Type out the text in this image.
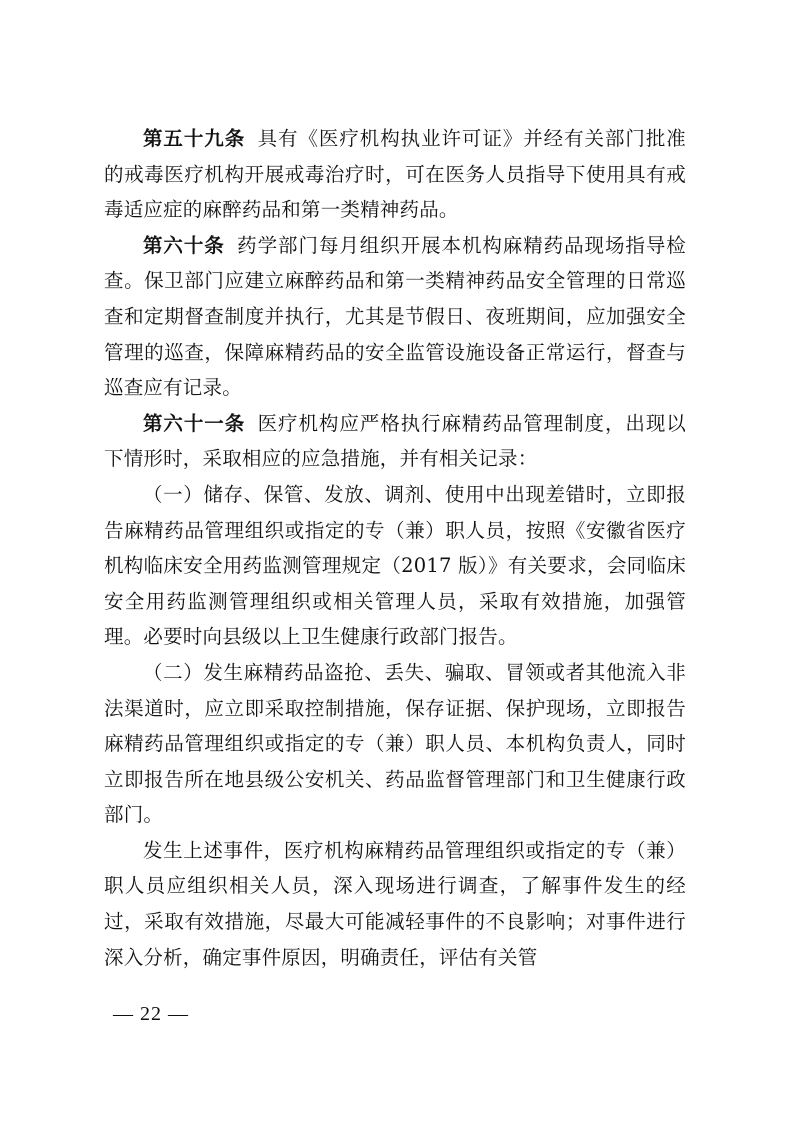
第五十九条 具有《医疗机构执业许可证》并经有关部门批准的戒毒医疗机构开展戒毒治疗时，可在医务人员指导下使用具有戒毒适应症的麻醉药品和第一类精神药品。

第六十条 药学部门每月组织开展本机构麻精药品现场指导检查。保卫部门应建立麻醉药品和第一类精神药品安全管理的日常巡查和定期督查制度并执行，尤其是节假日、夜班期间，应加强安全管理的巡查，保障麻精药品的安全监管设施设备正常运行，督查与巡查应有记录。

第六十一条 医疗机构应严格执行麻精药品管理制度，出现以下情形时，采取相应的应急措施，并有相关记录：

（一）储存、保管、发放、调剂、使用中出现差错时，立即报告麻精药品管理组织或指定的专（兼）职人员，按照《安徽省医疗机构临床安全用药监测管理规定（2017 版）》有关要求，会同临床安全用药监测管理组织或相关管理人员，采取有效措施，加强管理。必要时向县级以上卫生健康行政部门报告。

（二）发生麻精药品盗抢、丢失、骗取、冒领或者其他流入非法渠道时，应立即采取控制措施，保存证据、保护现场，立即报告麻精药品管理组织或指定的专（兼）职人员、本机构负责人，同时立即报告所在地县级公安机关、药品监督管理部门和卫生健康行政部门。

发生上述事件，医疗机构麻精药品管理组织或指定的专（兼）职人员应组织相关人员，深入现场进行调查，了解事件发生的经过，采取有效措施，尽最大可能减轻事件的不良影响；对事件进行深入分析，确定事件原因，明确责任，评估有关管

— 22 —
